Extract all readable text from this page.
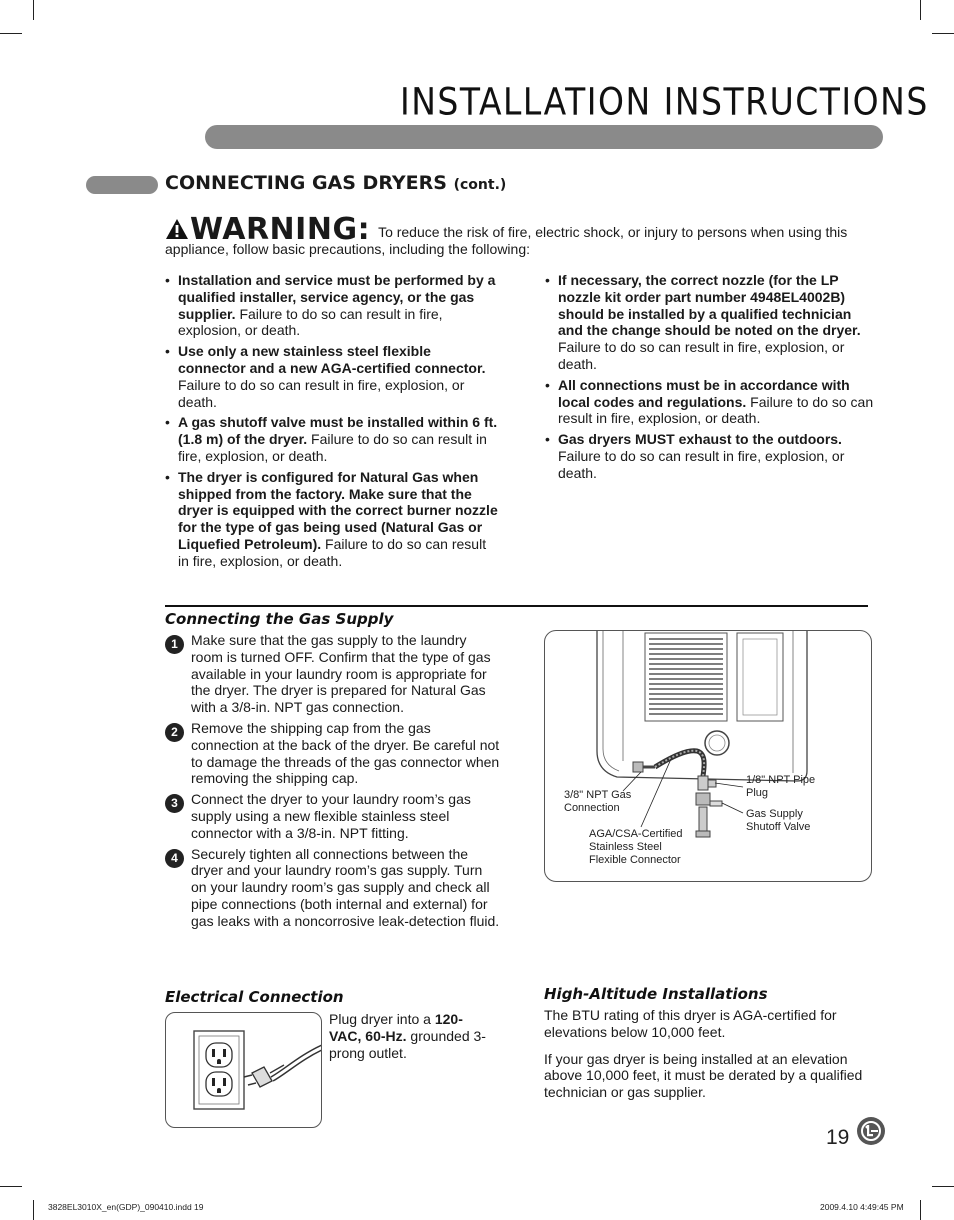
INSTALLATION INSTRUCTIONS
CONNECTING GAS DRYERS (cont.)
WARNING: To reduce the risk of fire, electric shock, or injury to persons when using this appliance, follow basic precautions, including the following:
• Installation and service must be performed by a qualified installer, service agency, or the gas supplier. Failure to do so can result in fire, explosion, or death.
• Use only a new stainless steel flexible connector and a new AGA-certified connector. Failure to do so can result in fire, explosion, or death.
• A gas shutoff valve must be installed within 6 ft. (1.8 m) of the dryer. Failure to do so can result in fire, explosion, or death.
• The dryer is configured for Natural Gas when shipped from the factory. Make sure that the dryer is equipped with the correct burner nozzle for the type of gas being used (Natural Gas or Liquefied Petroleum). Failure to do so can result in fire, explosion, or death.
• If necessary, the correct nozzle (for the LP nozzle kit order part number 4948EL4002B) should be installed by a qualified technician and the change should be noted on the dryer. Failure to do so can result in fire, explosion, or death.
• All connections must be in accordance with local codes and regulations. Failure to do so can result in fire, explosion, or death.
• Gas dryers MUST exhaust to the outdoors. Failure to do so can result in fire, explosion, or death.
Connecting the Gas Supply
1 Make sure that the gas supply to the laundry room is turned OFF. Confirm that the type of gas available in your laundry room is appropriate for the dryer. The dryer is prepared for Natural Gas with a 3/8-in. NPT gas connection.
2 Remove the shipping cap from the gas connection at the back of the dryer. Be careful not to damage the threads of the gas connector when removing the shipping cap.
3 Connect the dryer to your laundry room’s gas supply using a new flexible stainless steel connector with a 3/8-in. NPT fitting.
4 Securely tighten all connections between the dryer and your laundry room’s gas supply. Turn on your laundry room’s gas supply and check all pipe connections (both internal and external) for gas leaks with a noncorrosive leak-detection fluid.
3/8" NPT Gas Connection
1/8" NPT Pipe Plug
Gas Supply Shutoff Valve
AGA/CSA-Certified Stainless Steel Flexible Connector
Electrical Connection
Plug dryer into a 120-VAC, 60-Hz. grounded 3-prong outlet.
High-Altitude Installations

The BTU rating of this dryer is AGA-certified for elevations below 10,000 feet.

If your gas dryer is being installed at an elevation above 10,000 feet, it must be derated by a qualified technician or gas supplier.

19
3828EL3010X_en(GDP)_090410.indd 19	2009.4.10 4:49:45 PM
